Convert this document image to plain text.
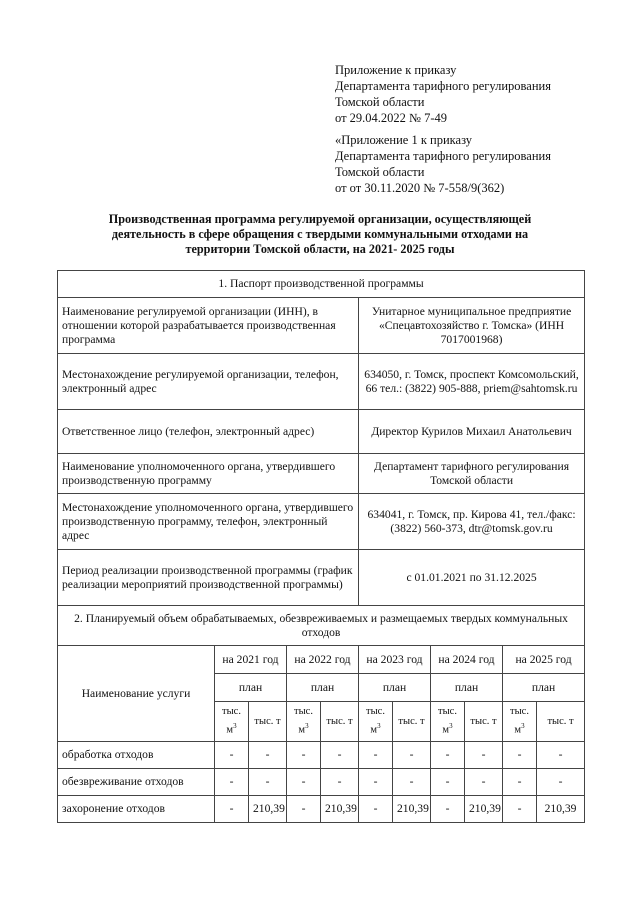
Приложение к приказу
Департамента тарифного регулирования
Томской области
от 29.04.2022 № 7-49
«Приложение 1 к приказу
Департамента тарифного регулирования
Томской области
от от 30.11.2020 № 7-558/9(362)
Производственная программа регулируемой организации, осуществляющей
деятельность в сфере обращения с твердыми коммунальными отходами на
территории Томской области, на 2021- 2025 годы
1. Паспорт производственной программы										
Наименование регулируемой организации (ИНН), в отношении которой разрабатывается производственная программа					Унитарное муниципальное предприятие «Спецавтохозяйство г. Томска» (ИНН 7017001968)					
Местонахождение регулируемой организации, телефон, электронный адрес					634050, г. Томск, проспект Комсомольский, 66 тел.: (3822) 905-888, priem@sahtomsk.ru					
Ответственное лицо (телефон, электронный адрес)					Директор Курилов Михаил Анатольевич					
Наименование уполномоченного органа, утвердившего производственную программу					Департамент тарифного регулирования Томской области					
Местонахождение уполномоченного органа, утвердившего производственную программу, телефон, электронный адрес					634041, г. Томск, пр. Кирова 41, тел./факс: (3822) 560-373, dtr@tomsk.gov.ru					
Период реализации производственной программы (график реализации мероприятий производственной программы)					с 01.01.2021 по 31.12.2025					
2. Планируемый объем обрабатываемых, обезвреживаемых и размещаемых твердых коммунальных отходов										
Наименование услуги	на 2021 год		на 2022 год		на 2023 год		на 2024 год		на 2025 год	
	план		план		план		план		план	
	тыс. $м^3$	тыс. т	тыс. $м^3$	тыс. т	тыс. $м^3$	тыс. т	тыс. $м^3$	тыс. т	тыс. $м^3$	тыс. т
обработка отходов	-	-	-	-	-	-	-	-	-	-
обезвреживание отходов	-	-	-	-	-	-	-	-	-	-
захоронение отходов	-	210,39	-	210,39	-	210,39	-	210,39	-	210,39
